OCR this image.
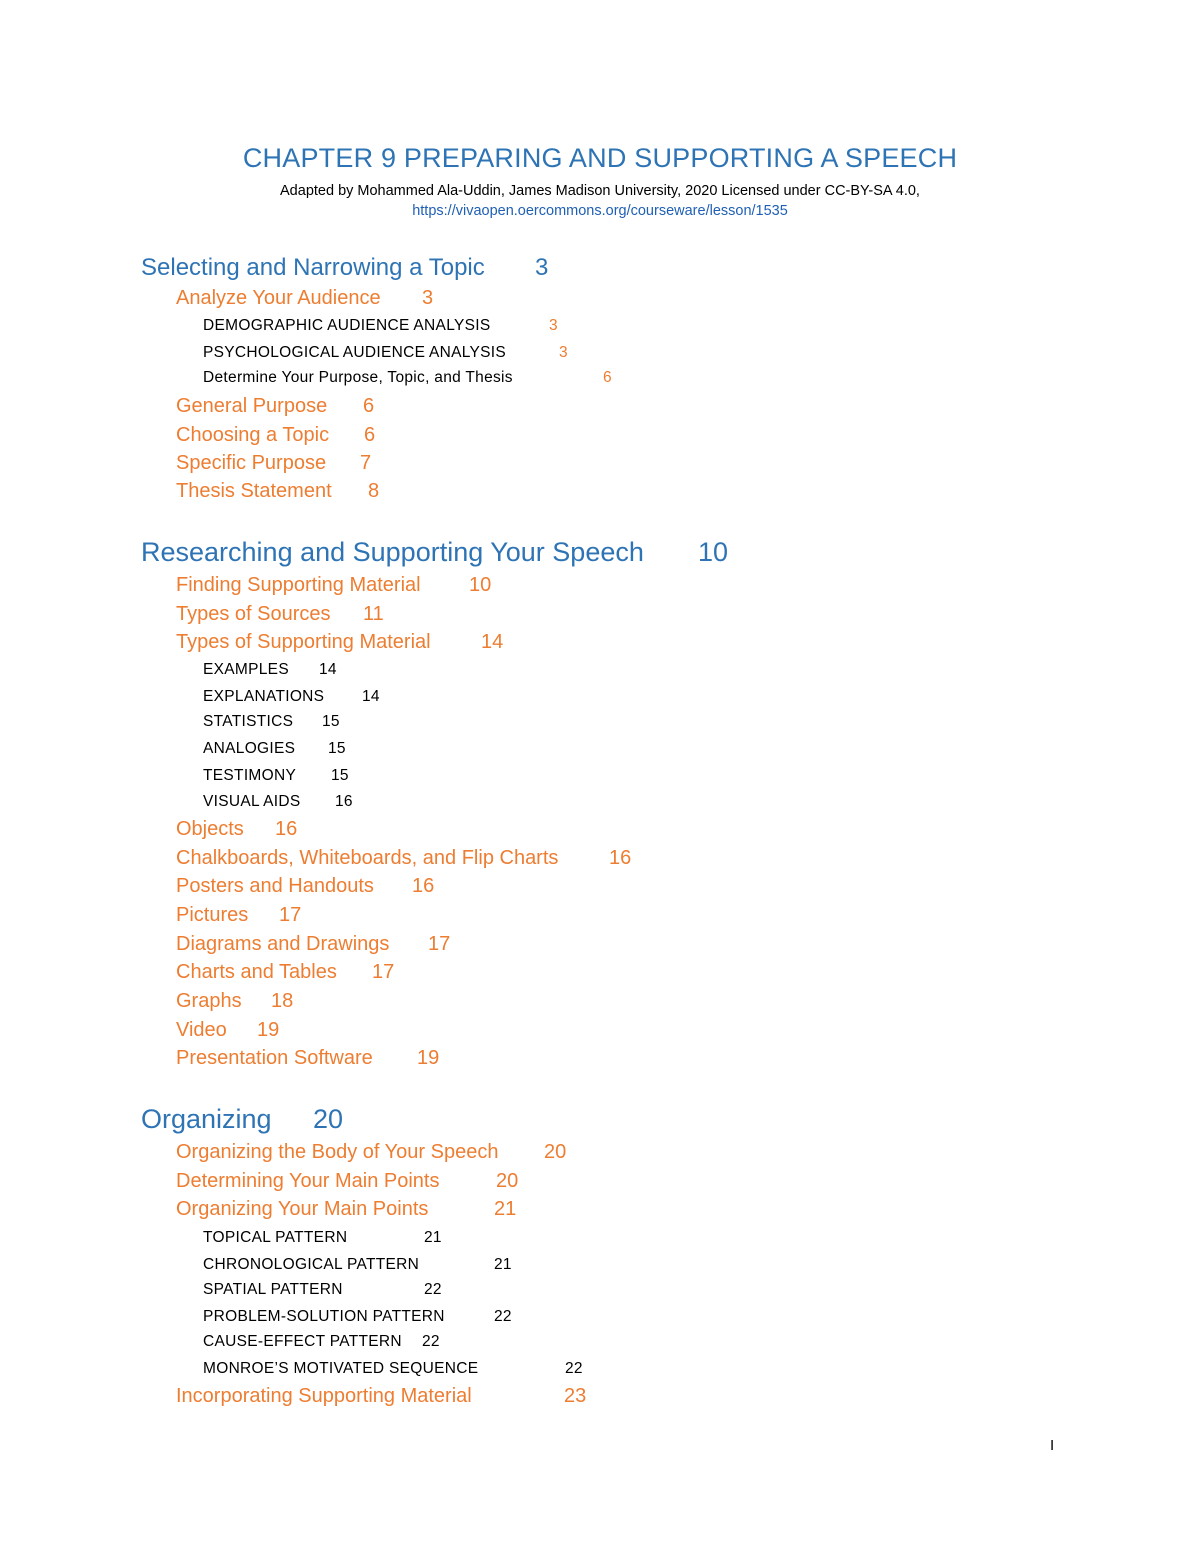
CHAPTER 9 PREPARING AND SUPPORTING A SPEECH
Adapted by Mohammed Ala-Uddin, James Madison University, 2020 Licensed under CC-BY-SA 4.0,
https://vivaopen.oercommons.org/courseware/lesson/1535
Selecting and Narrowing a Topic 3
Analyze Your Audience 3
DEMOGRAPHIC AUDIENCE ANALYSIS	3
PSYCHOLOGICAL AUDIENCE ANALYSIS	3
Determine Your Purpose, Topic, and Thesis	6
General Purpose 6
Choosing a Topic 6
Specific Purpose 7
Thesis Statement 8
Researching and Supporting Your Speech 10
Finding Supporting Material 10
Types of Sources 11
Types of Supporting Material	14
EXAMPLES 14
EXPLANATIONS 14
STATISTICS 15
ANALOGIES 15
TESTIMONY 15
VISUAL AIDS 16
Objects 16
Chalkboards, Whiteboards, and Flip Charts	16
Posters and Handouts 16
Pictures 17
Diagrams and Drawings 17
Charts and Tables 17
Graphs 18
Video 19
Presentation Software 19
Organizing 20
Organizing the Body of Your Speech 20
Determining Your Main Points	20
Organizing Your Main Points	21
TOPICAL PATTERN	21
CHRONOLOGICAL PATTERN	21
SPATIAL PATTERN	22
PROBLEM-SOLUTION PATTERN	22
CAUSE-EFFECT PATTERN 22
MONROE’S MOTIVATED SEQUENCE	22
Incorporating Supporting Material	23
I
